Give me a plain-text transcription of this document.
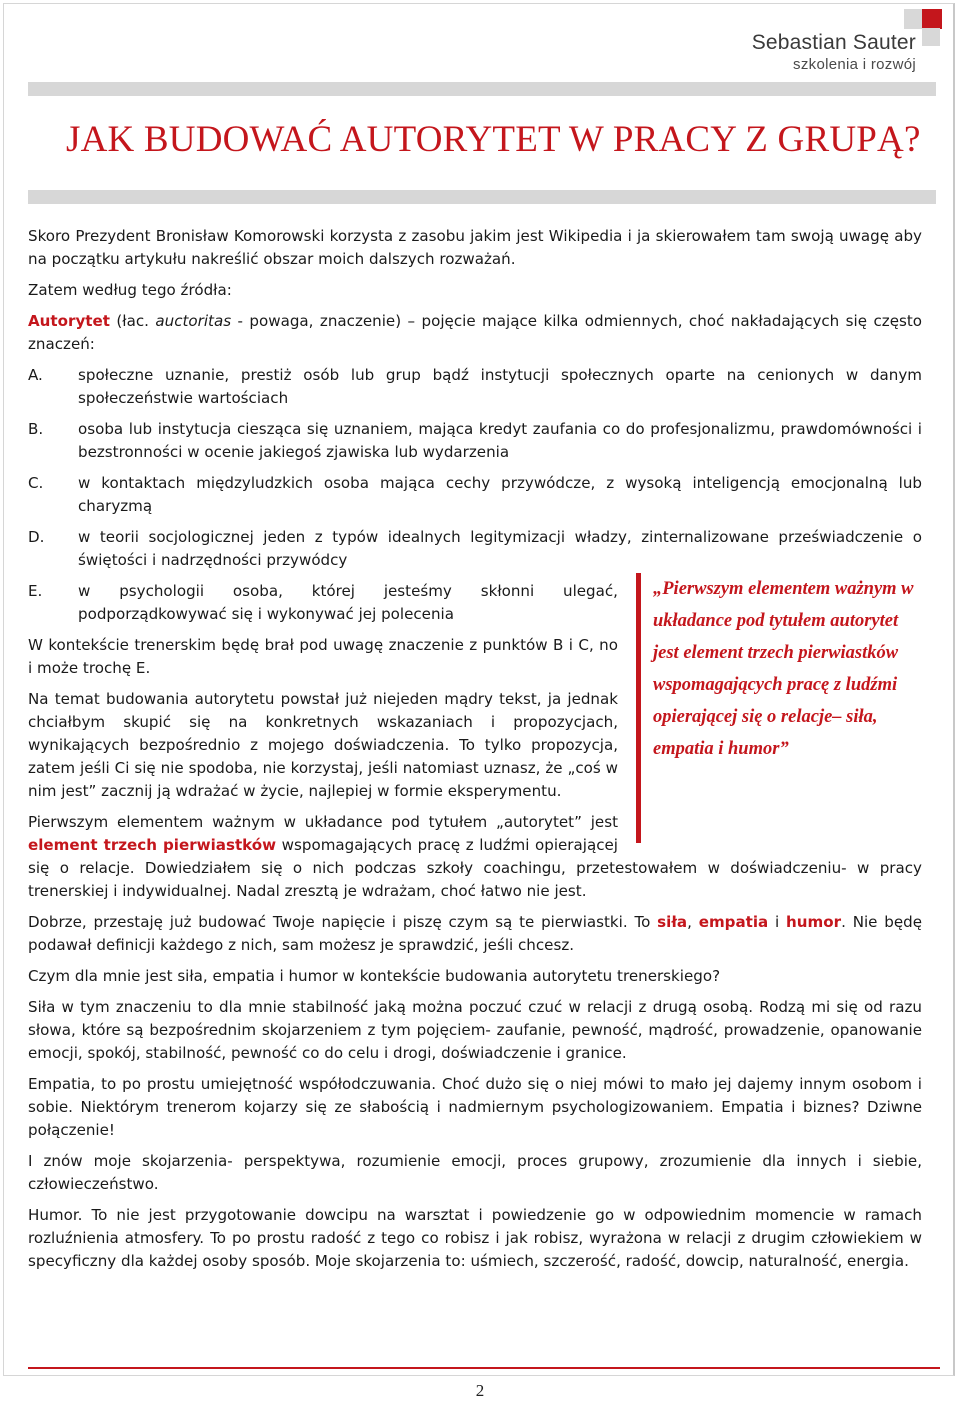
Sebastian Sauter
szkolenia i rozwój
JAK BUDOWAĆ AUTORYTET W PRACY Z GRUPĄ?

Skoro Prezydent Bronisław Komorowski korzysta z zasobu jakim jest Wikipedia i ja skierowałem tam swoją uwagę aby na początku artykułu nakreślić obszar moich dalszych rozważań.

Zatem według tego źródła:

Autorytet (łac. auctoritas - powaga, znaczenie) – pojęcie mające kilka odmiennych, choć nakładających się często znaczeń:

A.	społeczne uznanie, prestiż osób lub grup bądź instytucji społecznych oparte na cenionych w danym społeczeństwie wartościach
B.	osoba lub instytucja ciesząca się uznaniem, mająca kredyt zaufania co do profesjonalizmu, prawdomówności i bezstronności w ocenie jakiegoś zjawiska lub wydarzenia
C.	w kontaktach międzyludzkich osoba mająca cechy przywódcze, z wysoką inteligencją emocjonalną lub charyzmą
D.	w teorii socjologicznej jeden z typów idealnych legitymizacji władzy, zinternalizowane przeświadczenie o świętości i nadrzędności przywódcy
„Pierwszym elementem ważnym w układance pod tytułem autorytet jest element trzech pierwiastków wspomagających pracę z ludźmi opierającej się o relacje– siła, empatia i humor”
E.	w psychologii osoba, której jesteśmy skłonni ulegać, podporządkowywać się i wykonywać jej polecenia

W kontekście trenerskim będę brał pod uwagę znaczenie z punktów B i C, no i może trochę E.

Na temat budowania autorytetu powstał już niejeden mądry tekst, ja jednak chciałbym skupić się na konkretnych wskazaniach i propozycjach, wynikających bezpośrednio z mojego doświadczenia. To tylko propozycja, zatem jeśli Ci się nie spodoba, nie korzystaj, jeśli natomiast uznasz, że „coś w nim jest” zacznij ją wdrażać w życie, najlepiej w formie eksperymentu.

Pierwszym elementem ważnym w układance pod tytułem „autorytet” jest element trzech pierwiastków wspomagających pracę z ludźmi opierającej się o relacje. Dowiedziałem się o nich podczas szkoły coachingu, przetestowałem w doświadczeniu- w pracy trenerskiej i indywidualnej. Nadal zresztą je wdrażam, choć łatwo nie jest.

Dobrze, przestaję już budować Twoje napięcie i piszę czym są te pierwiastki. To siła, empatia i humor. Nie będę podawał definicji każdego z nich, sam możesz je sprawdzić, jeśli chcesz.

Czym dla mnie jest siła, empatia i humor w kontekście budowania autorytetu trenerskiego?

Siła w tym znaczeniu to dla mnie stabilność jaką można poczuć czuć w relacji z drugą osobą. Rodzą mi się od razu słowa, które są bezpośrednim skojarzeniem z tym pojęciem- zaufanie, pewność, mądrość, prowadzenie, opanowanie emocji, spokój, stabilność, pewność co do celu i drogi, doświadczenie i granice.

Empatia, to po prostu umiejętność współodczuwania. Choć dużo się o niej mówi to mało jej dajemy innym osobom i sobie. Niektórym trenerom kojarzy się ze słabością i nadmiernym psychologizowaniem. Empatia i biznes? Dziwne połączenie!

I znów moje skojarzenia- perspektywa, rozumienie emocji, proces grupowy, zrozumienie dla innych i siebie, człowieczeństwo.

Humor. To nie jest przygotowanie dowcipu na warsztat i powiedzenie go w odpowiednim momencie w ramach rozluźnienia atmosfery. To po prostu radość z tego co robisz i jak robisz, wyrażona w relacji z drugim człowiekiem w specyficzny dla każdej osoby sposób. Moje skojarzenia to: uśmiech, szczerość, radość, dowcip, naturalność, energia.

2
